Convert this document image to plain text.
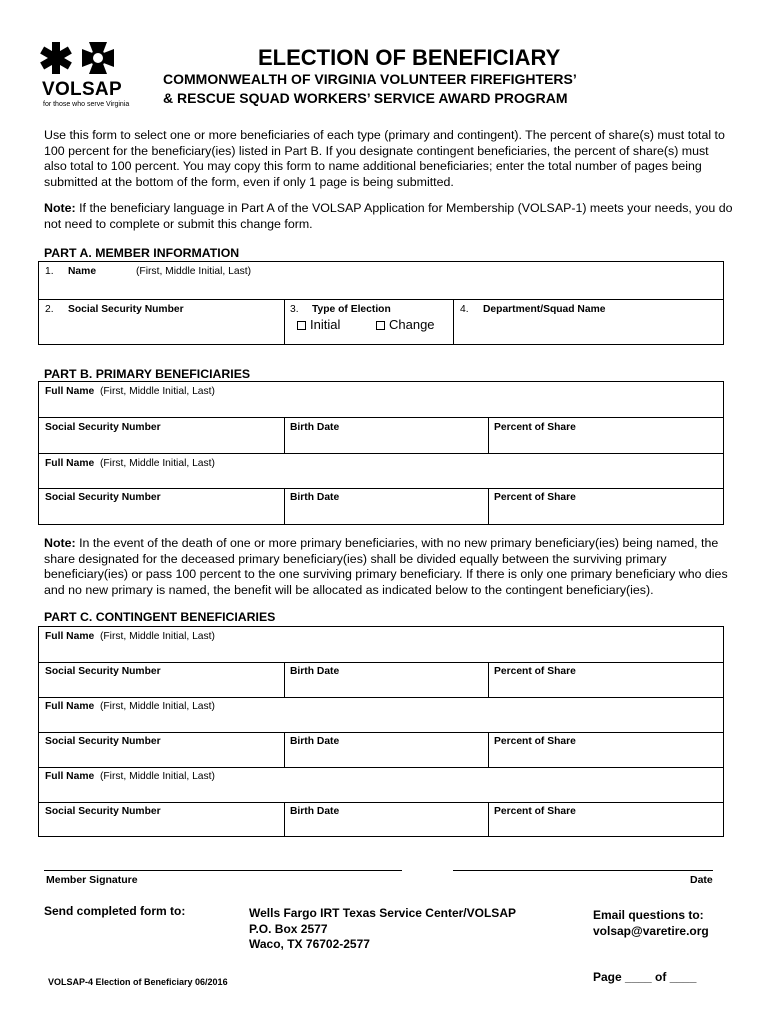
VOLSAP
for those who serve Virginia
ELECTION OF BENEFICIARY
COMMONWEALTH OF VIRGINIA VOLUNTEER FIREFIGHTERS’
& RESCUE SQUAD WORKERS’ SERVICE AWARD PROGRAM
Use this form to select one or more beneficiaries of each type (primary and contingent). The percent of share(s) must total to 100 percent for the beneficiary(ies) listed in Part B. If you designate contingent beneficiaries, the percent of share(s) must also total to 100 percent. You may copy this form to name additional beneficiaries; enter the total number of pages being submitted at the bottom of the form, even if only 1 page is being submitted.
Note: If the beneficiary language in Part A of the VOLSAP Application for Membership (VOLSAP-1) meets your needs, you do not need to complete or submit this change form.
PART A. MEMBER INFORMATION
1. Name	(First, Middle Initial, Last)
2. Social Security Number	3. Type of Election
Initial	Change
4. Department/Squad Name
PART B. PRIMARY BENEFICIARIES
Full Name (First, Middle Initial, Last)
Social Security Number	Birth Date	Percent of Share
Full Name (First, Middle Initial, Last)
Social Security Number	Birth Date	Percent of Share
Note: In the event of the death of one or more primary beneficiaries, with no new primary beneficiary(ies) being named, the share designated for the deceased primary beneficiary(ies) shall be divided equally between the surviving primary beneficiary(ies) or pass 100 percent to the one surviving primary beneficiary. If there is only one primary beneficiary who dies and no new primary is named, the benefit will be allocated as indicated below to the contingent beneficiary(ies).
PART C. CONTINGENT BENEFICIARIES
Full Name (First, Middle Initial, Last)
Social Security Number	Birth Date	Percent of Share
Full Name (First, Middle Initial, Last)
Social Security Number	Birth Date	Percent of Share
Full Name (First, Middle Initial, Last)
Social Security Number	Birth Date	Percent of Share
Member Signature	Date
Send completed form to:	Wells Fargo IRT Texas Service Center/VOLSAP
P.O. Box 2577
Waco, TX 76702-2577
Email questions to:
volsap@varetire.org
VOLSAP-4 Election of Beneficiary 06/2016	Page ____ of ____
